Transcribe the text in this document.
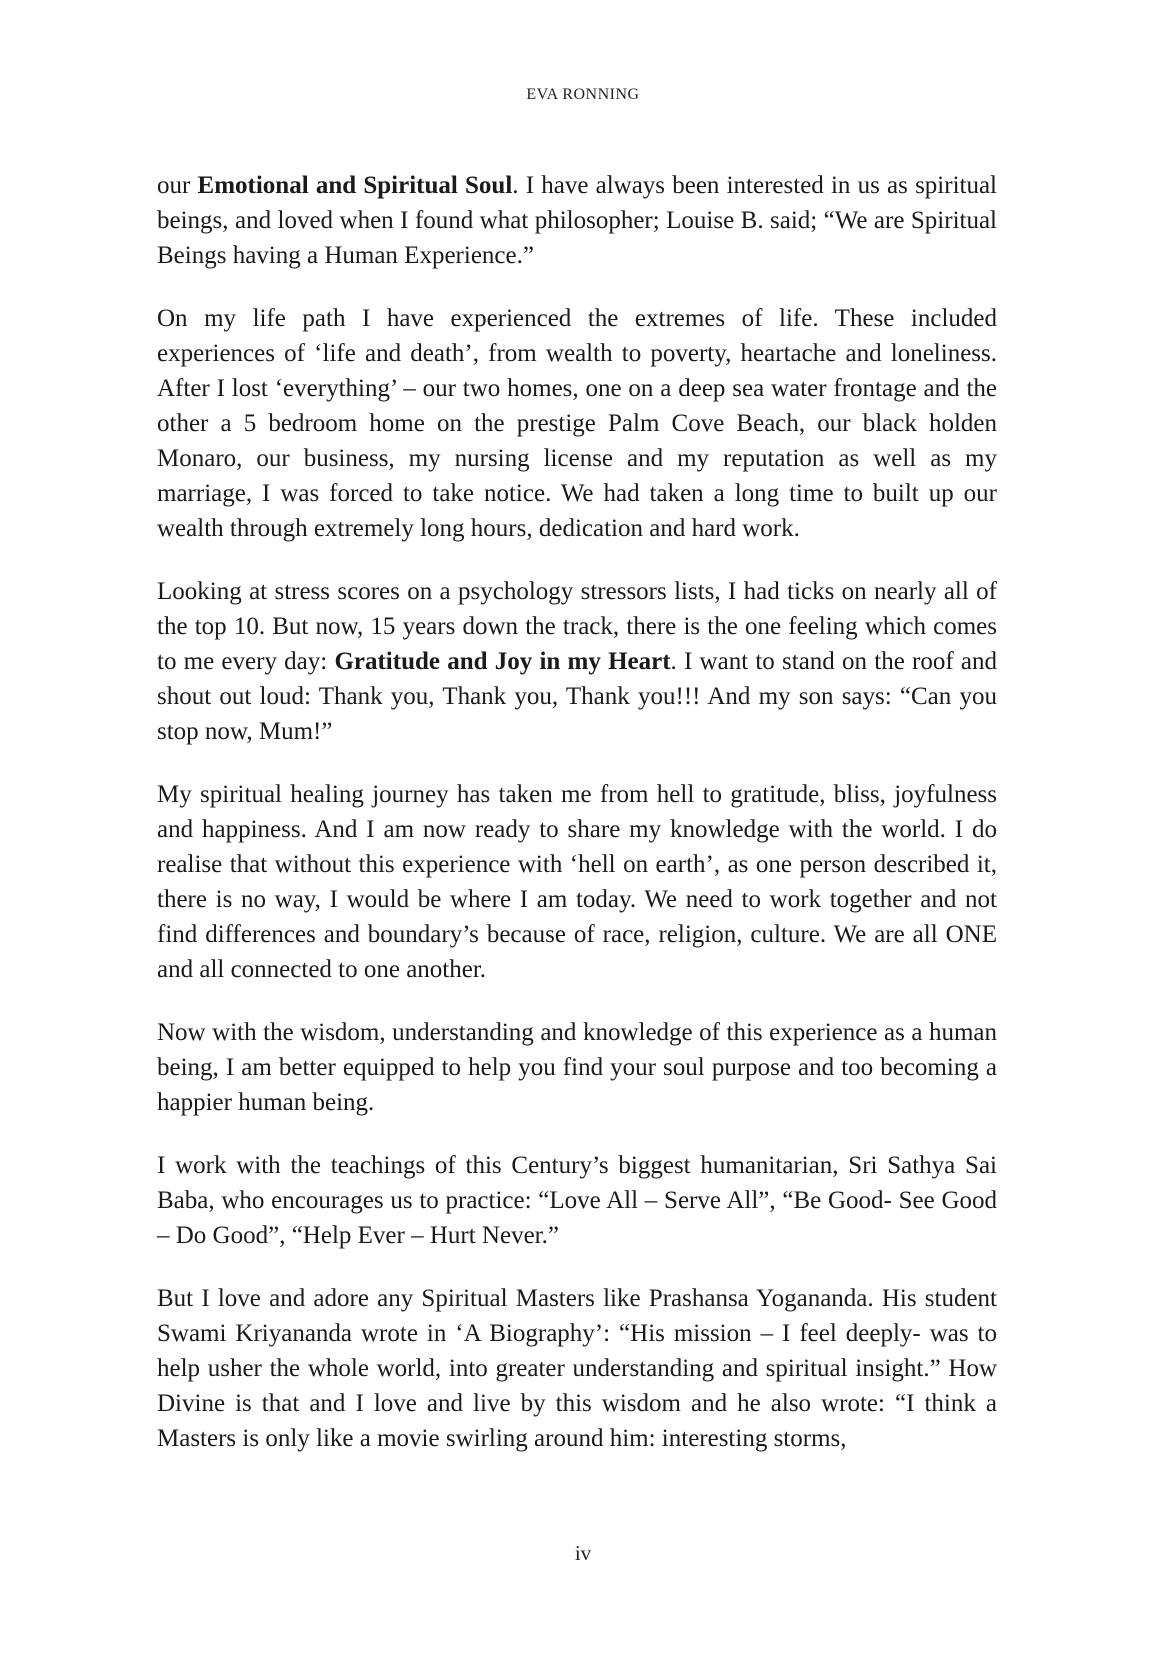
EVA RONNING

our Emotional and Spiritual Soul. I have always been interested in us as spiritual beings, and loved when I found what philosopher; Louise B. said; “We are Spiritual Beings having a Human Experience.”

On my life path I have experienced the extremes of life. These included experiences of ‘life and death’, from wealth to poverty, heartache and loneliness. After I lost ‘everything’ – our two homes, one on a deep sea water frontage and the other a 5 bedroom home on the prestige Palm Cove Beach, our black holden Monaro, our business, my nursing license and my reputation as well as my marriage, I was forced to take notice. We had taken a long time to built up our wealth through extremely long hours, dedication and hard work.

Looking at stress scores on a psychology stressors lists, I had ticks on nearly all of the top 10. But now, 15 years down the track, there is the one feeling which comes to me every day: Gratitude and Joy in my Heart. I want to stand on the roof and shout out loud: Thank you, Thank you, Thank you!!! And my son says: “Can you stop now, Mum!”

My spiritual healing journey has taken me from hell to gratitude, bliss, joyfulness and happiness. And I am now ready to share my knowledge with the world. I do realise that without this experience with ‘hell on earth’, as one person described it, there is no way, I would be where I am today. We need to work together and not find differences and boundary’s because of race, religion, culture. We are all ONE and all connected to one another.

Now with the wisdom, understanding and knowledge of this experience as a human being, I am better equipped to help you find your soul purpose and too becoming a happier human being.

I work with the teachings of this Century’s biggest humanitarian, Sri Sathya Sai Baba, who encourages us to practice: “Love All – Serve All”, “Be Good- See Good – Do Good”, “Help Ever – Hurt Never.”

But I love and adore any Spiritual Masters like Prashansa Yogananda. His student Swami Kriyananda wrote in ‘A Biography’: “His mission – I feel deeply- was to help usher the whole world, into greater understanding and spiritual insight.” How Divine is that and I love and live by this wisdom and he also wrote: “I think a Masters is only like a movie swirling around him: interesting storms,

iv
